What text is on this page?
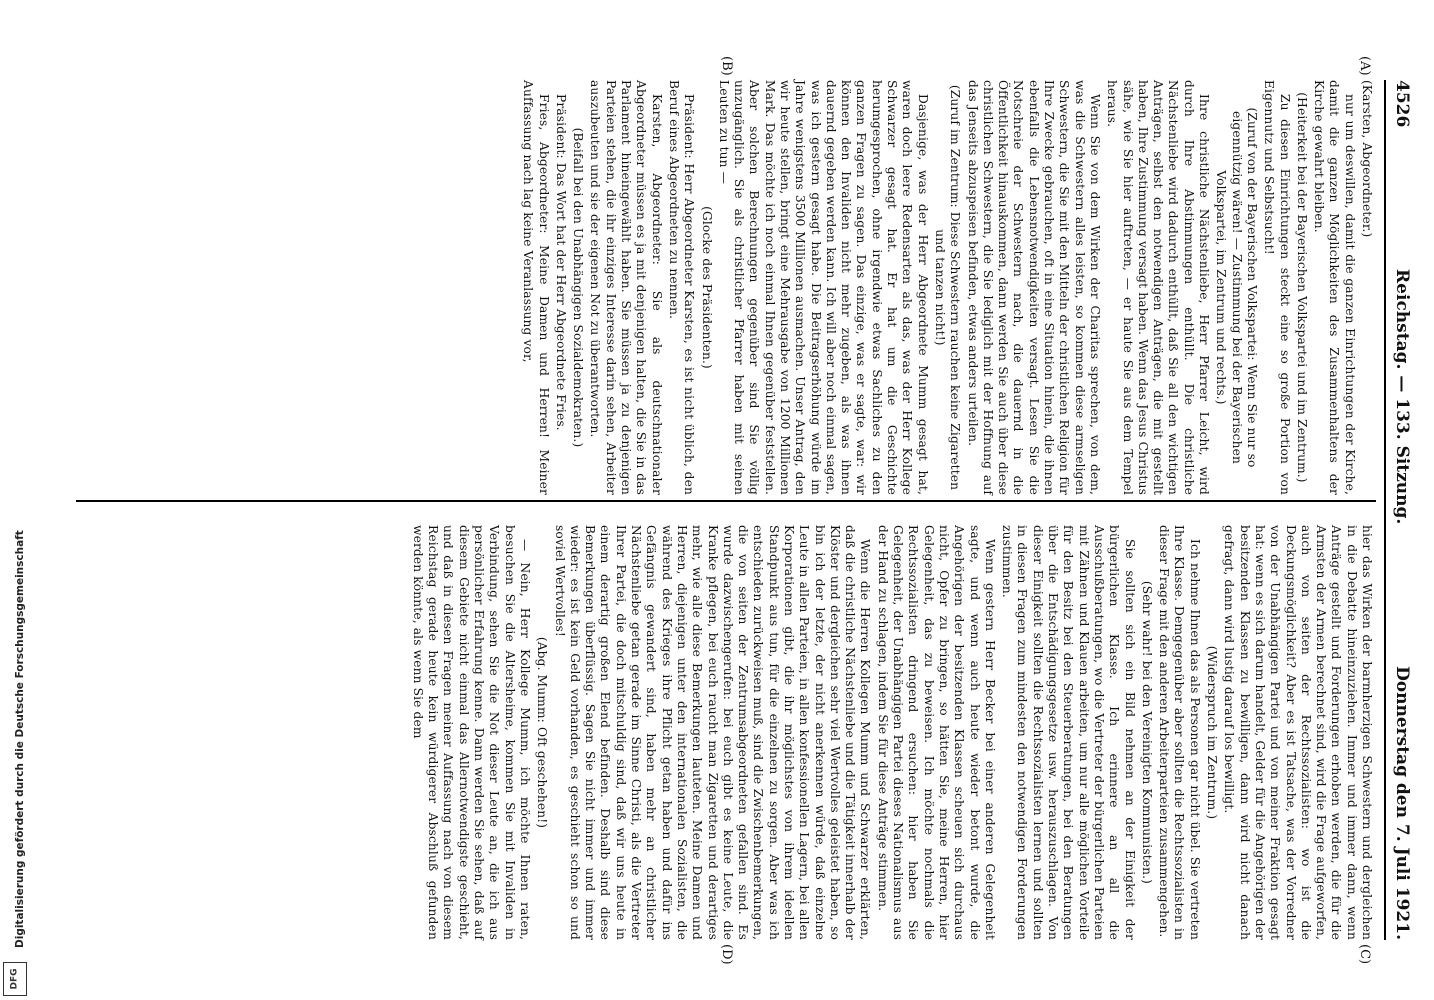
4526
Reichstag. — 133. Sitzung.
Donnerstag den 7. Juli 1921.
(A)
(B)
(C)
(D)

(Karsten, Abgeordneter.)

nur um deswillen, damit die ganzen Einrichtungen der Kirche, damit die ganzen Möglichkeiten des Zusammenhaltens der Kirche gewahrt bleiben.

(Heiterkeit bei der Bayerischen Volkspartei und im Zentrum.)

Zu diesen Einrichtungen steckt eine so große Portion von Eigennutz und Selbstsucht!

(Zuruf von der Bayerischen Volkspartei: Wenn Sie nur so eigennützig wären! — Zustimmung bei der Bayerischen Volkspartei, im Zentrum und rechts.)

Ihre christliche Nächstenliebe, Herr Pfarrer Leicht, wird durch Ihre Abstimmungen enthüllt. Die christliche Nächstenliebe wird dadurch enthüllt, daß Sie all den wichtigen Anträgen, selbst den notwendigen Anträgen, die mit gestellt haben, Ihre Zustimmung versagt haben. Wenn das Jesus Christus sähe, wie Sie hier auftreten, — er haute Sie aus dem Tempel heraus.

Wenn Sie von dem Wirken der Charitas sprechen, von dem, was die Schwestern alles leisten, so kommen diese armseligen Schwestern, die Sie mit den Mitteln der christlichen Religion für Ihre Zwecke gebrauchen, oft in eine Situation hinein, die ihnen ebenfalls die Lebensnotwendigkeiten versagt. Lesen Sie die Notschreie der Schwestern nach, die dauernd in die Öffentlichkeit hinauskommen, dann werden Sie auch über diese christlichen Schwestern, die Sie lediglich mit der Hoffnung auf das Jenseits abzuspeisen befinden, etwas anders urteilen.

(Zuruf im Zentrum: Diese Schwestern rauchen keine Zigaretten und tanzen nicht!)

Dasjenige, was der Herr Abgeordnete Mumm gesagt hat, waren doch leere Redensarten als das, was der Herr Kollege Schwarzer gesagt hat. Er hat um die Geschichte herumgesprochen, ohne irgendwie etwas Sachliches zu den ganzen Fragen zu sagen. Das einzige, was er sagte, war: wir können den Invaliden nicht mehr zugeben, als was ihnen dauernd gegeben werden kann. Ich will aber noch einmal sagen, was ich gestern gesagt habe. Die Beitragserhöhung würde im Jahre wenigstens 3500 Millionen ausmachen. Unser Antrag, den wir heute stellen, bringt eine Mehrausgabe von 1200 Millionen Mark. Das möchte ich noch einmal Ihnen gegenüber feststellen. Aber solchen Berechnungen gegenüber sind Sie völlig unzugänglich. Sie als christlicher Pfarrer haben mit seinen Leuten zu tun —

(Glocke des Präsidenten.)

Präsident: Herr Abgeordneter Karsten, es ist nicht üblich, den Beruf eines Abgeordneten zu nennen.

Karsten, Abgeordneter: Sie als deutschnationaler Abgeordneter müssen es ja mit denjenigen halten, die Sie in das Parlament hineingewählt haben. Sie müssen ja zu denjenigen Parteien stehen, die ihr einziges Interesse darin sehen, Arbeiter auszubeuten und sie der eigenen Not zu überantworten.

(Beifall bei den Unabhängigen Sozialdemokraten.)

Präsident: Das Wort hat der Herr Abgeordnete Fries.

Fries, Abgeordneter: Meine Damen und Herren! Meiner Auffassung nach lag keine Veranlassung vor,

hier das Wirken der barmherzigen Schwestern und dergleichen in die Debatte hineinzuziehen. Immer und immer dann, wenn Anträge gestellt und Forderungen erhoben werden, die für die Armsten der Armen berechnet sind, wird die Frage aufgeworfen, auch von seiten der Rechtssozialisten: wo ist die Deckungsmöglichkeit? Aber es ist Tatsache, was der Vorredner von der Unabhängigen Partei und von meiner Fraktion gesagt hat: wenn es sich darum handelt, Gelder für die Angehörigen der besitzenden Klassen zu bewilligen, dann wird nicht danach gefragt, dann wird lustig darauf los bewilligt.

(Widerspruch im Zentrum.)

Ich nehme Ihnen das als Personen gar nicht übel. Sie vertreten Ihre Klasse. Demgegenüber aber sollten die Rechtssozialisten in dieser Frage mit den anderen Arbeiterparteien zusammengehen.

(Sehr wahr! bei den Vereinigten Kommunisten.)

Sie sollten sich ein Bild nehmen an der Einigkeit der bürgerlichen Klasse. Ich erinnere an all die Ausschußberatungen, wo die Vertreter der bürgerlichen Parteien mit Zähnen und Klauen arbeiten, um nur alle möglichen Vorteile für den Besitz bei den Steuerberatungen, bei den Beratungen über die Entschädigungsgesetze usw. herauszuschlagen. Von dieser Einigkeit sollten die Rechtssozialisten lernen und sollten in diesen Fragen zum mindesten den notwendigen Forderungen zustimmen.

Wenn gestern Herr Becker bei einer anderen Gelegenheit sagte, und wenn auch heute wieder betont wurde, die Angehörigen der besitzenden Klassen scheuen sich durchaus nicht, Opfer zu bringen, so hätten Sie, meine Herren, hier Gelegenheit, das zu beweisen. Ich möchte nochmals die Rechtssozialisten dringend ersuchen: hier haben Sie Gelegenheit, der Unabhängigen Partei dieses Nationalismus aus der Hand zu schlagen, indem Sie für diese Anträge stimmen.

Wenn die Herren Kollegen Mumm und Schwarzer erklärten, daß die christliche Nächstenliebe und die Tätigkeit innerhalb der Klöster und dergleichen sehr viel Wertvolles geleistet haben, so bin ich der letzte, der nicht anerkennen würde, daß einzelne Leute in allen Parteien, in allen konfessionellen Lagern, bei allen Korporationen gibt, die ihr möglichstes von ihrem ideellen Standpunkt aus tun, für die einzelnen zu sorgen. Aber was ich entschieden zurückweisen muß, sind die Zwischenbemerkungen, die von seiten der Zentrumsabgeordneten gefallen sind. Es wurde dazwischengerufen: bei euch gibt es keine Leute, die Kranke pflegen, bei euch raucht man Zigaretten und derartiges mehr, wie alle diese Bemerkungen lauteten. Meine Damen und Herren, diejenigen unter den internationalen Sozialisten, die während des Krieges ihre Pflicht getan haben und dafür ins Gefängnis gewandert sind, haben mehr an christlicher Nächstenliebe getan gerade im Sinne Christi, als die Vertreter Ihrer Partei, die doch mitschuldig sind, daß wir uns heute in einem derartig großen Elend befinden. Deshalb sind diese Bemerkungen überflüssig. Sagen Sie nicht immer und immer wieder: es ist kein Geld vorhanden, es geschieht schon so und soviel Wertvolles!

(Abg. Mumm: Oft geschehen!)

— Nein, Herr Kollege Mumm, ich möchte Ihnen raten, besuchen Sie die Altersheime, kommen Sie mit Invaliden in Verbindung, sehen Sie die Not dieser Leute an, die ich aus persönlicher Erfahrung kenne. Dann werden Sie sehen, daß auf diesem Gebiete nicht einmal das Allernotwendigste geschieht, und daß in diesen Fragen meiner Auffassung nach von diesem Reichstag gerade heute kein würdigerer Abschluß gefunden werden könnte, als wenn Sie dem

Digitalisierung gefördert durch die Deutsche Forschungsgemeinschaft
DFG
